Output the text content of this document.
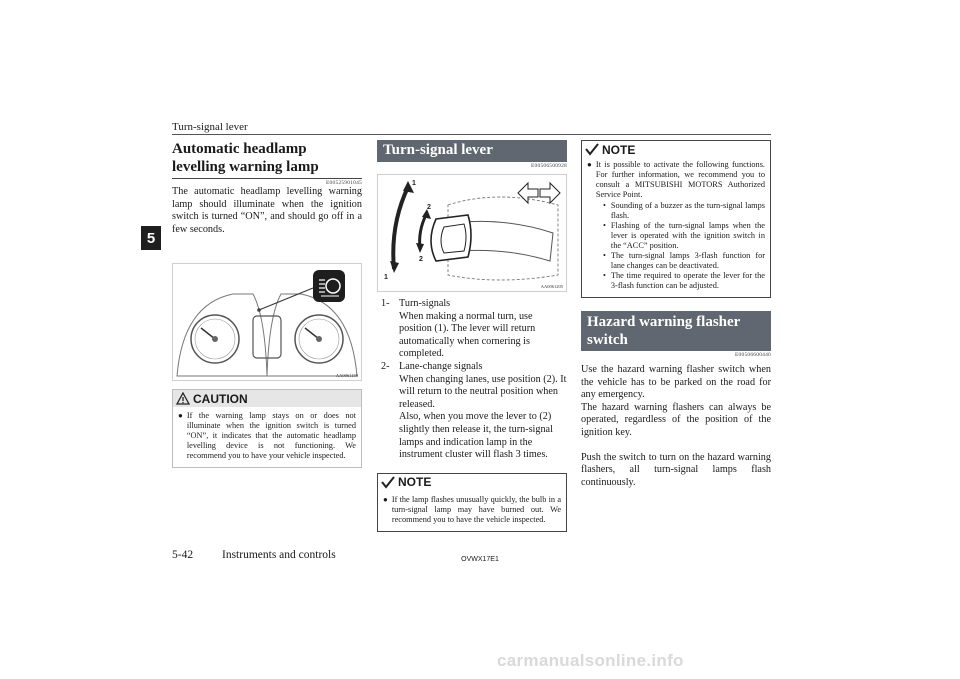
Turn-signal lever
5
Automatic headlamp levelling warning lamp
E00525901045
The automatic headlamp levelling warning lamp should illuminate when the ignition switch is turned “ON”, and should go off in a few seconds.
AA0061159
CAUTION
● If the warning lamp stays on or does not illuminate when the ignition switch is turned “ON”, it indicates that the automatic headlamp levelling device is not functioning. We recommend you to have your vehicle inspected.
Turn-signal lever
E00506500928
1
2
2
1
AA0061205
1- Turn-signals
When making a normal turn, use position (1). The lever will return automatically when cornering is completed.
2- Lane-change signals
When changing lanes, use position (2). It will return to the neutral position when released.
Also, when you move the lever to (2) slightly then release it, the turn-signal lamps and indication lamp in the instrument cluster will flash 3 times.
NOTE
● If the lamp flashes unusually quickly, the bulb in a turn-signal lamp may have burned out. We recommend you to have the vehicle inspected.
NOTE
● It is possible to activate the following functions. For further information, we recommend you to consult a MITSUBISHI MOTORS Authorized Service Point.
• Sounding of a buzzer as the turn-signal lamps flash.
• Flashing of the turn-signal lamps when the lever is operated with the ignition switch in the “ACC” position.
• The turn-signal lamps 3-flash function for lane changes can be deactivated.
• The time required to operate the lever for the 3-flash function can be adjusted.
Hazard warning flasher switch
E00506600440
Use the hazard warning flasher switch when the vehicle has to be parked on the road for any emergency.
The hazard warning flashers can always be operated, regardless of the position of the ignition key.
Push the switch to turn on the hazard warning flashers, all turn-signal lamps flash continuously.
5-42	Instruments and controls	OVWX17E1
carmanualsonline.info
